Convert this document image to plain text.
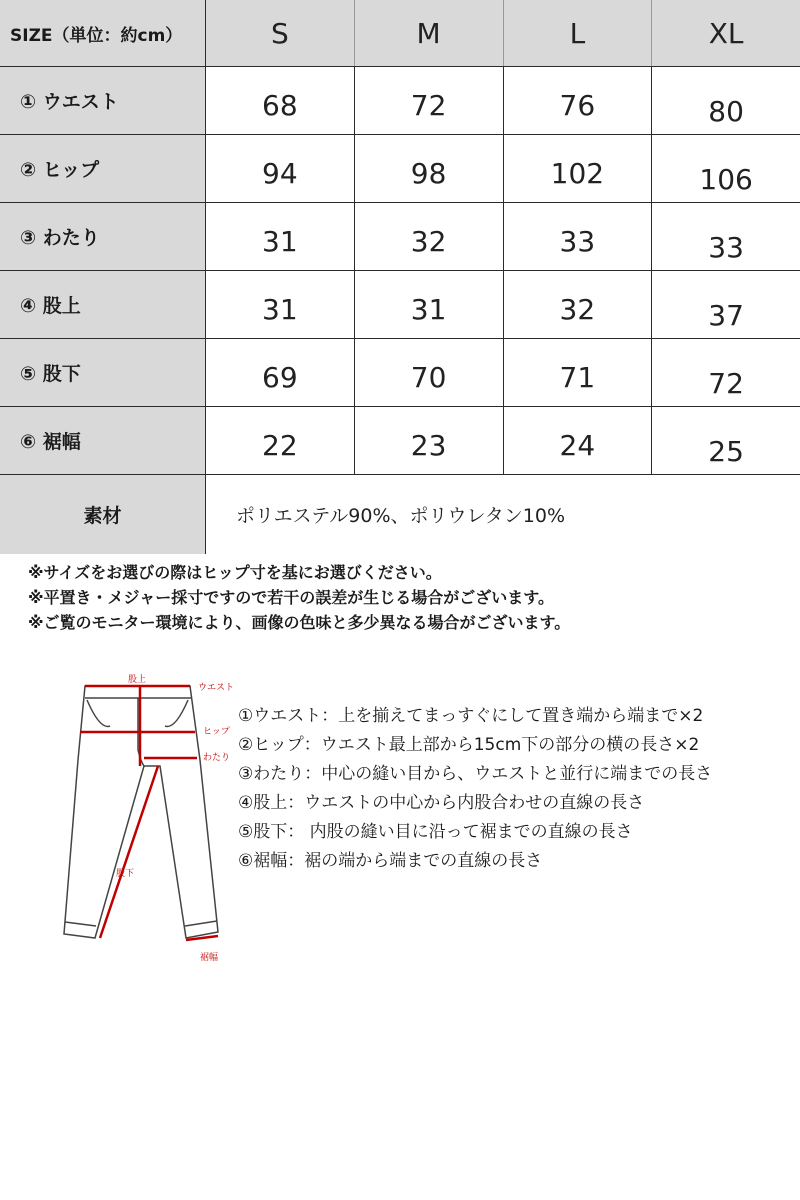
SIZE（単位：約cm）	S	M	L	XL
① ウエスト	68	72	76	80
② ヒップ	94	98	102	106
③ わたり	31	32	33	33
④ 股上	31	31	32	37
⑤ 股下	69	70	71	72
⑥ 裾幅	22	23	24	25
素材	ポリエステル90%、ポリウレタン10%
※サイズをお選びの際はヒップ寸を基にお選びください。
※平置き・メジャー採寸ですので若干の誤差が生じる場合がございます。
※ご覧のモニター環境により、画像の色味と多少異なる場合がございます。
股上
ウエスト
ヒップ
わたり
股下
裾幅
①ウエスト：上を揃えてまっすぐにして置き端から端まで×2
②ヒップ：ウエスト最上部から15cm下の部分の横の長さ×2
③わたり：中心の縫い目から、ウエストと並行に端までの長さ
④股上：ウエストの中心から内股合わせの直線の長さ
⑤股下： 内股の縫い目に沿って裾までの直線の長さ
⑥裾幅：裾の端から端までの直線の長さ
